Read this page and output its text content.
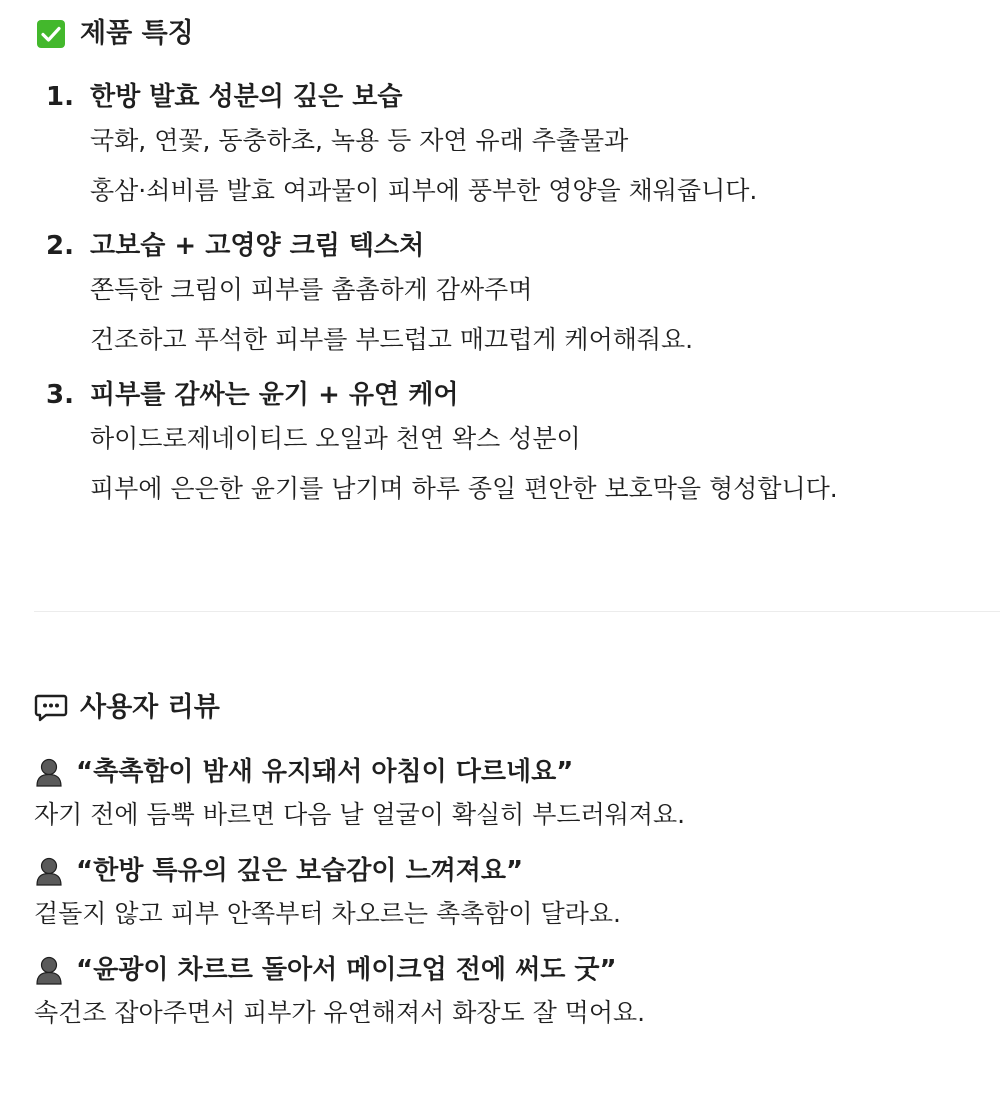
제품 특징
1. 한방 발효 성분의 깊은 보습
국화, 연꽃, 동충하초, 녹용 등 자연 유래 추출물과
홍삼·쇠비름 발효 여과물이 피부에 풍부한 영양을 채워줍니다.
2. 고보습 + 고영양 크림 텍스처
쫀득한 크림이 피부를 촘촘하게 감싸주며
건조하고 푸석한 피부를 부드럽고 매끄럽게 케어해줘요.
3. 피부를 감싸는 윤기 + 유연 케어
하이드로제네이티드 오일과 천연 왁스 성분이
피부에 은은한 윤기를 남기며 하루 종일 편안한 보호막을 형성합니다.
사용자 리뷰
“촉촉함이 밤새 유지돼서 아침이 다르네요”
자기 전에 듬뿍 바르면 다음 날 얼굴이 확실히 부드러워져요.
“한방 특유의 깊은 보습감이 느껴져요”
겉돌지 않고 피부 안쪽부터 차오르는 촉촉함이 달라요.
“윤광이 차르르 돌아서 메이크업 전에 써도 굿”
속건조 잡아주면서 피부가 유연해져서 화장도 잘 먹어요.
